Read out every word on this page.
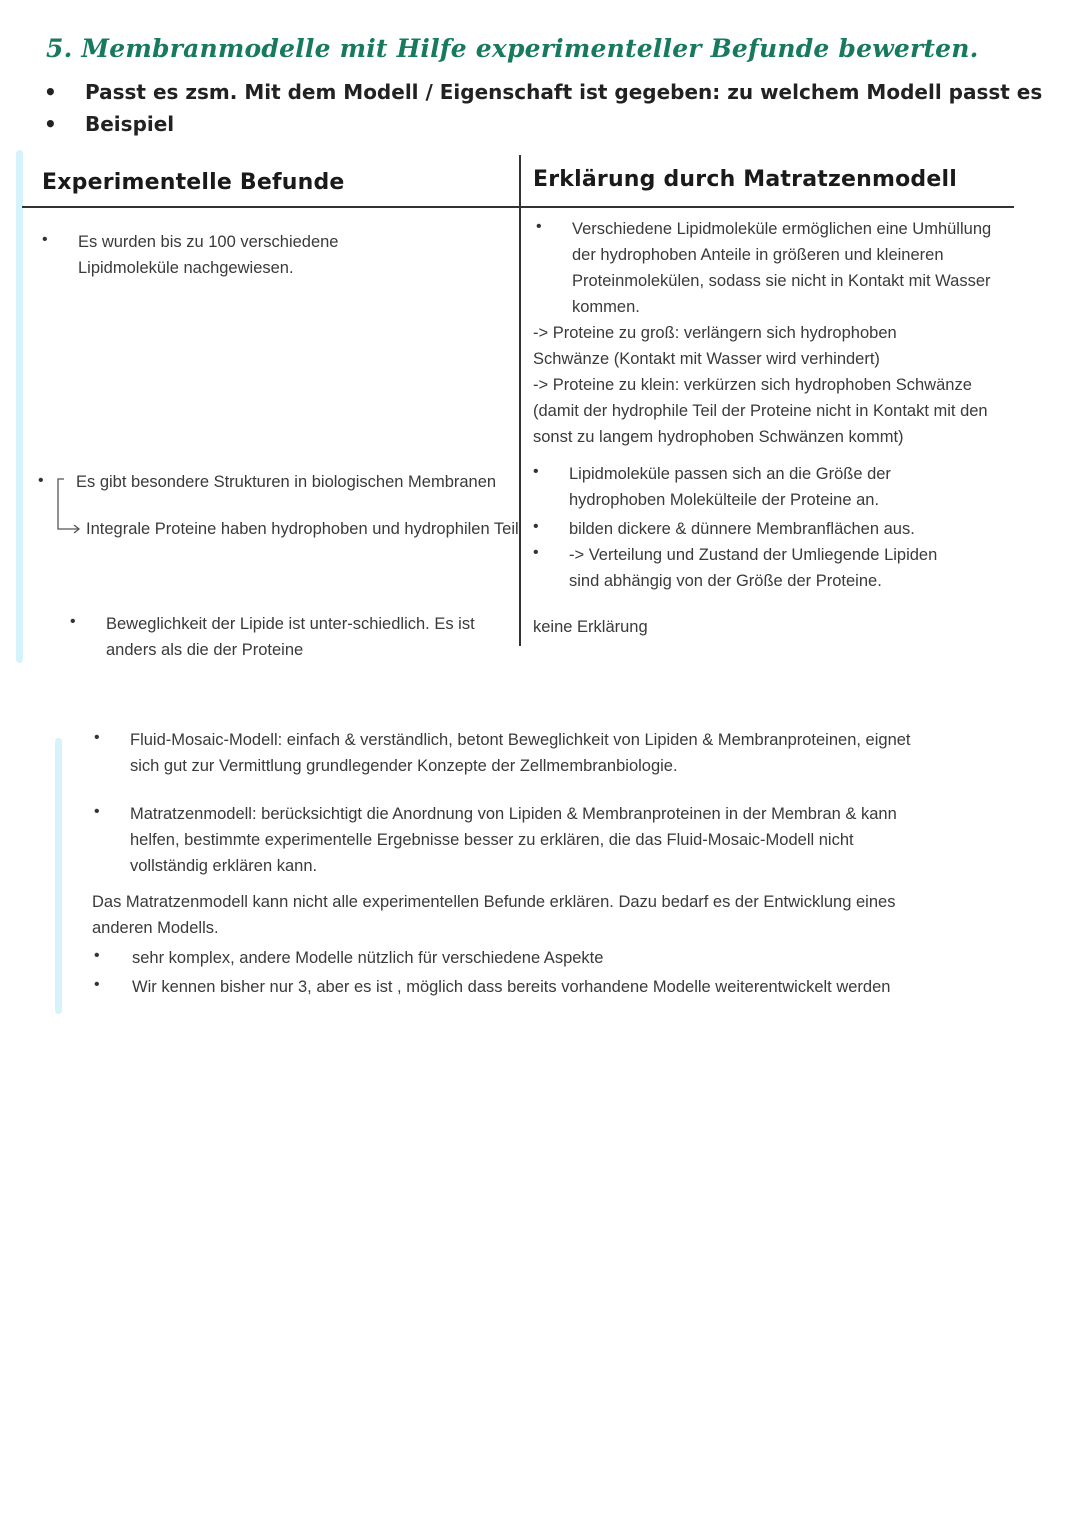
5. Membranmodelle mit Hilfe experimenteller Befunde bewerten.
• Passt es zsm. Mit dem Modell / Eigenschaft ist gegeben: zu welchem Modell passt es
• Beispiel
Experimentelle Befunde	Erklärung durch Matratzenmodell
• Es wurden bis zu 100 verschiedene Lipidmoleküle nachgewiesen.
• Verschiedene Lipidmoleküle ermöglichen eine Umhüllung der hydrophoben Anteile in größeren und kleineren Proteinmolekülen, sodass sie nicht in Kontakt mit Wasser kommen.
-> Proteine zu groß: verlängern sich hydrophoben Schwänze (Kontakt mit Wasser wird verhindert)
-> Proteine zu klein: verkürzen sich hydrophoben Schwänze (damit der hydrophile Teil der Proteine nicht in Kontakt mit den sonst zu langem hydrophoben Schwänzen kommt)
• Es gibt besondere Strukturen in biologischen Membranen
Integrale Proteine haben hydrophoben und hydrophilen Teil
• Lipidmoleküle passen sich an die Größe der hydrophoben Molekülteile der Proteine an.
• bilden dickere & dünnere Membranflächen aus.
• -> Verteilung und Zustand der Umliegende Lipiden sind abhängig von der Größe der Proteine.
• Beweglichkeit der Lipide ist unter-schiedlich. Es ist anders als die der Proteine
keine Erklärung
• Fluid-Mosaic-Modell: einfach & verständlich, betont Beweglichkeit von Lipiden & Membranproteinen, eignet sich gut zur Vermittlung grundlegender Konzepte der Zellmembranbiologie.
• Matratzenmodell: berücksichtigt die Anordnung von Lipiden & Membranproteinen in der Membran & kann helfen, bestimmte experimentelle Ergebnisse besser zu erklären, die das Fluid-Mosaic-Modell nicht vollständig erklären kann.
Das Matratzenmodell kann nicht alle experimentellen Befunde erklären. Dazu bedarf es der Entwicklung eines anderen Modells.
• sehr komplex, andere Modelle nützlich für verschiedene Aspekte
• Wir kennen bisher nur 3, aber es ist , möglich dass bereits vorhandene Modelle weiterentwickelt werden
